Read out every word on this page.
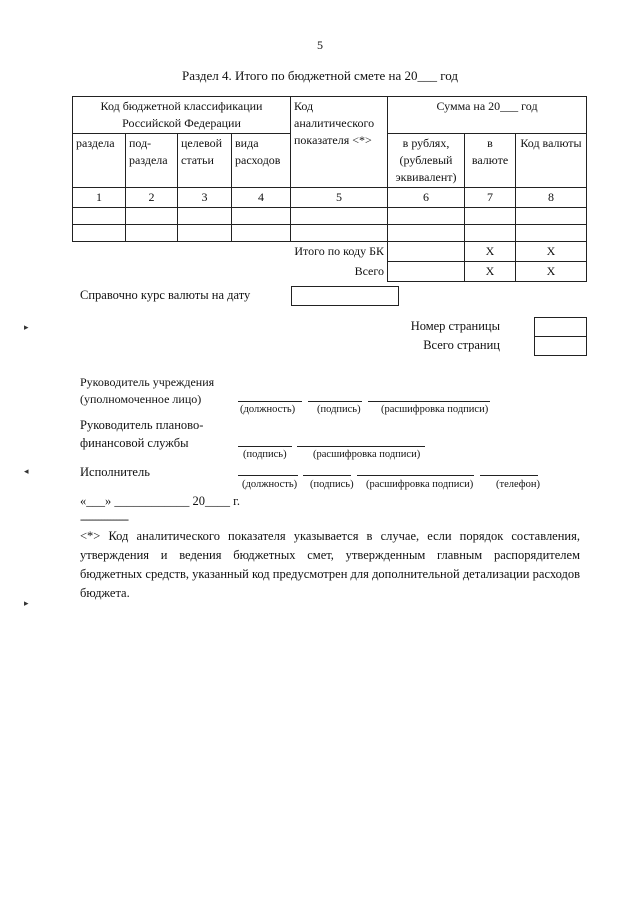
5
Раздел 4. Итого по бюджетной смете на 20___ год
Код бюджетной классификации Российской Федерации				Код аналитического показателя <*>	Сумма на 20___ год		
раздела	под-раздела	целевой статьи	вида расходов		в рублях, (рублевый эквивалент)	в валюте	Код валюты
1	2	3	4	5	6	7	8

Итого по коду БК						Х	Х
Всего						Х	Х
Справочно курс валюты на дату
Номер страницы
Всего страниц
Руководитель учреждения (уполномоченное лицо)
(должность) (подпись) (расшифровка подписи)
Руководитель планово-
финансовой службы
(подпись)	(расшифровка подписи)
Исполнитель
(должность) (подпись) (расшифровка подписи) (телефон)
«___» ____________ 20____ г.
----------------
<*> Код аналитического показателя указывается в случае, если порядок составления, утверждения и ведения бюджетных смет, утвержденным главным распорядителем бюджетных средств, указанный код предусмотрен для дополнительной детализации расходов бюджета.
▸
◂
▸
